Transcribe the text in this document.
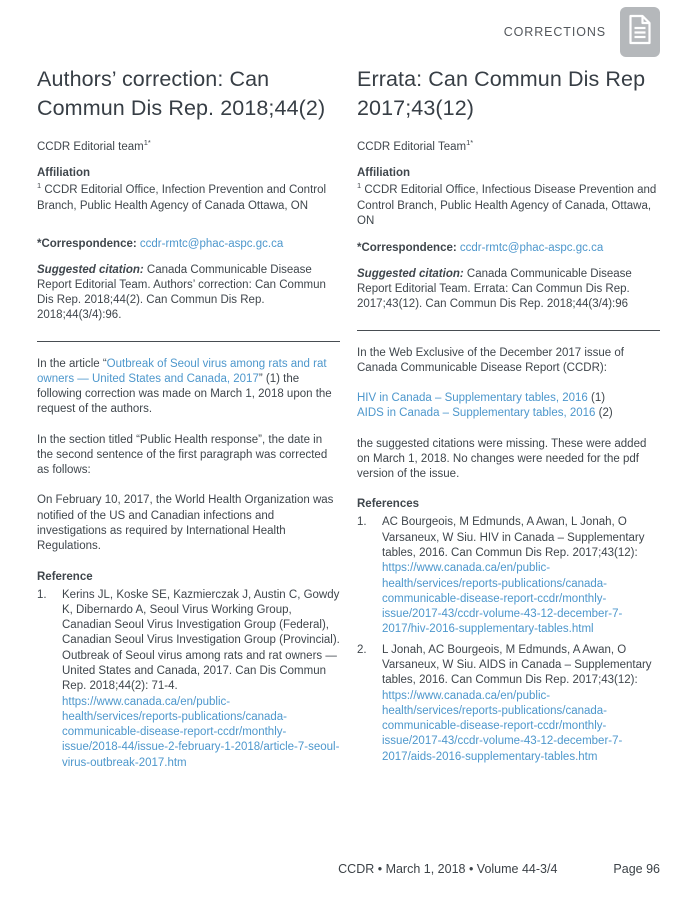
CORRECTIONS
Authors’ correction: Can Commun Dis Rep. 2018;44(2)
CCDR Editorial team$^{1*}$
Affiliation
$^1$ CCDR Editorial Office, Infection Prevention and Control Branch, Public Health Agency of Canada Ottawa, ON
*Correspondence: ccdr-rmtc@phac-aspc.gc.ca
Suggested citation: Canada Communicable Disease Report Editorial Team. Authors’ correction: Can Commun Dis Rep. 2018;44(2). Can Commun Dis Rep. 2018;44(3/4):96.
In the article “Outbreak of Seoul virus among rats and rat owners — United States and Canada, 2017” (1) the following correction was made on March 1, 2018 upon the request of the authors.
In the section titled “Public Health response”, the date in the second sentence of the first paragraph was corrected as follows:
On February 10, 2017, the World Health Organization was notified of the US and Canadian infections and investigations as required by International Health Regulations.
Reference
1.	Kerins JL, Koske SE, Kazmierczak J, Austin C, Gowdy K, Dibernardo A, Seoul Virus Working Group, Canadian Seoul Virus Investigation Group (Federal), Canadian Seoul Virus Investigation Group (Provincial). Outbreak of Seoul virus among rats and rat owners — United States and Canada, 2017. Can Dis Commun Rep. 2018;44(2): 71-4. https://www.canada.ca/en/public-health/services/reports-publications/canada-communicable-disease-report-ccdr/monthly-issue/2018-44/issue-2-february-1-2018/article-7-seoul-virus-outbreak-2017.htm
Errata: Can Commun Dis Rep 2017;43(12)
CCDR Editorial Team$^{1*}$
Affiliation
$^1$ CCDR Editorial Office, Infectious Disease Prevention and Control Branch, Public Health Agency of Canada, Ottawa, ON
*Correspondence: ccdr-rmtc@phac-aspc.gc.ca
Suggested citation: Canada Communicable Disease Report Editorial Team. Errata: Can Commun Dis Rep. 2017;43(12). Can Commun Dis Rep. 2018;44(3/4):96
In the Web Exclusive of the December 2017 issue of Canada Communicable Disease Report (CCDR):
HIV in Canada – Supplementary tables, 2016 (1)
AIDS in Canada – Supplementary tables, 2016 (2)
the suggested citations were missing. These were added on March 1, 2018. No changes were needed for the pdf version of the issue.
References
1.	AC Bourgeois, M Edmunds, A Awan, L Jonah, O Varsaneux, W Siu. HIV in Canada – Supplementary tables, 2016. Can Commun Dis Rep. 2017;43(12): https://www.canada.ca/en/public-health/services/reports-publications/canada-communicable-disease-report-ccdr/monthly-issue/2017-43/ccdr-volume-43-12-december-7-2017/hiv-2016-supplementary-tables.html
2.	L Jonah, AC Bourgeois, M Edmunds, A Awan, O Varsaneux, W Siu. AIDS in Canada – Supplementary tables, 2016. Can Commun Dis Rep. 2017;43(12): https://www.canada.ca/en/public-health/services/reports-publications/canada-communicable-disease-report-ccdr/monthly-issue/2017-43/ccdr-volume-43-12-december-7-2017/aids-2016-supplementary-tables.htm
CCDR • March 1, 2018 • Volume 44-3/4	Page 96
